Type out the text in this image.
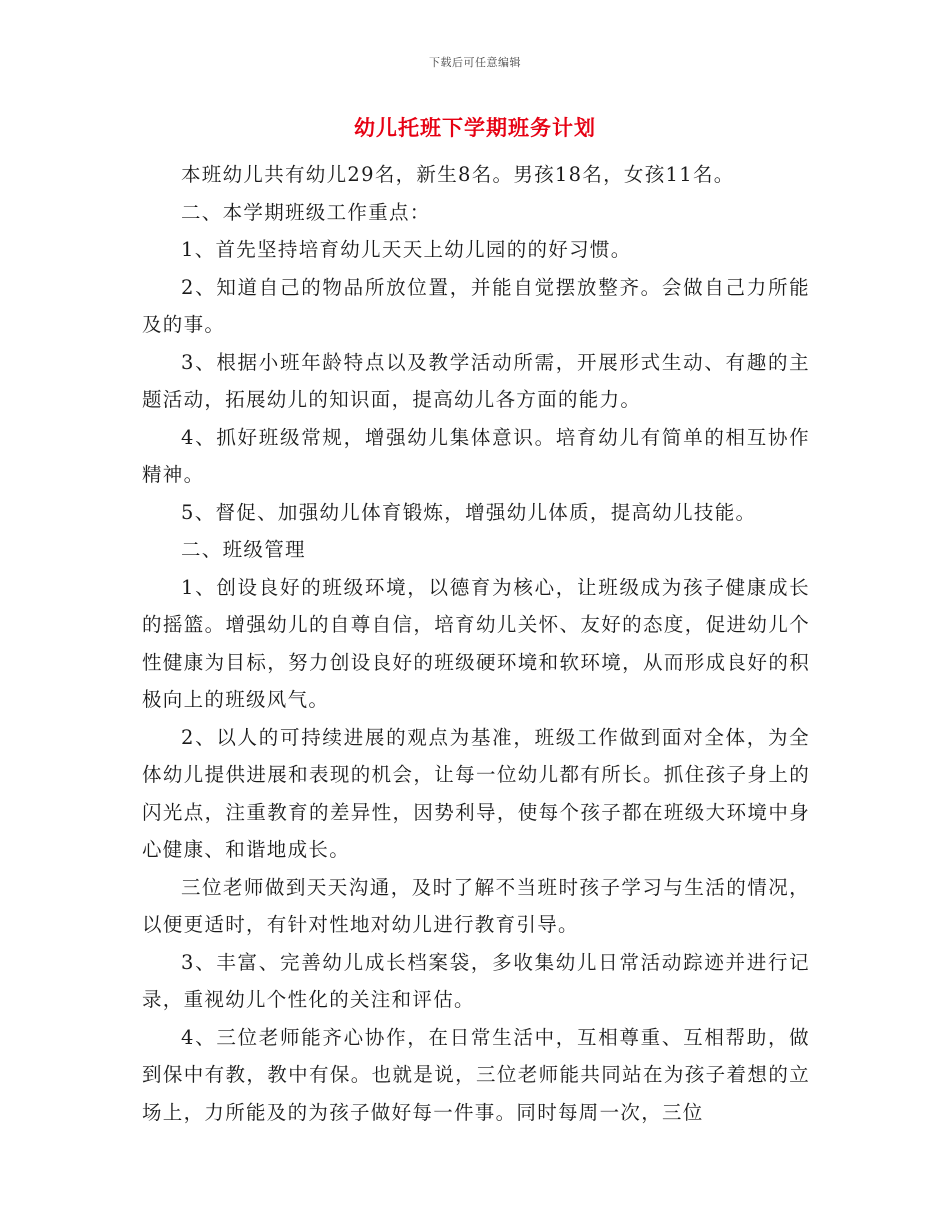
下载后可任意编辑
幼儿托班下学期班务计划

本班幼儿共有幼儿29名，新生8名。男孩18名，女孩11名。

二、本学期班级工作重点：

1、首先坚持培育幼儿天天上幼儿园的的好习惯。

2、知道自己的物品所放位置，并能自觉摆放整齐。会做自己力所能及的事。

3、根据小班年龄特点以及教学活动所需，开展形式生动、有趣的主题活动，拓展幼儿的知识面，提高幼儿各方面的能力。

4、抓好班级常规，增强幼儿集体意识。培育幼儿有简单的相互协作精神。

5、督促、加强幼儿体育锻炼，增强幼儿体质，提高幼儿技能。

二、班级管理

1、创设良好的班级环境，以德育为核心，让班级成为孩子健康成长的摇篮。增强幼儿的自尊自信，培育幼儿关怀、友好的态度，促进幼儿个性健康为目标，努力创设良好的班级硬环境和软环境，从而形成良好的积极向上的班级风气。

2、以人的可持续进展的观点为基准，班级工作做到面对全体，为全体幼儿提供进展和表现的机会，让每一位幼儿都有所长。抓住孩子身上的闪光点，注重教育的差异性，因势利导，使每个孩子都在班级大环境中身心健康、和谐地成长。

三位老师做到天天沟通，及时了解不当班时孩子学习与生活的情况，以便更适时，有针对性地对幼儿进行教育引导。

3、丰富、完善幼儿成长档案袋，多收集幼儿日常活动踪迹并进行记录，重视幼儿个性化的关注和评估。

4、三位老师能齐心协作，在日常生活中，互相尊重、互相帮助，做到保中有教，教中有保。也就是说，三位老师能共同站在为孩子着想的立场上，力所能及的为孩子做好每一件事。同时每周一次，三位
